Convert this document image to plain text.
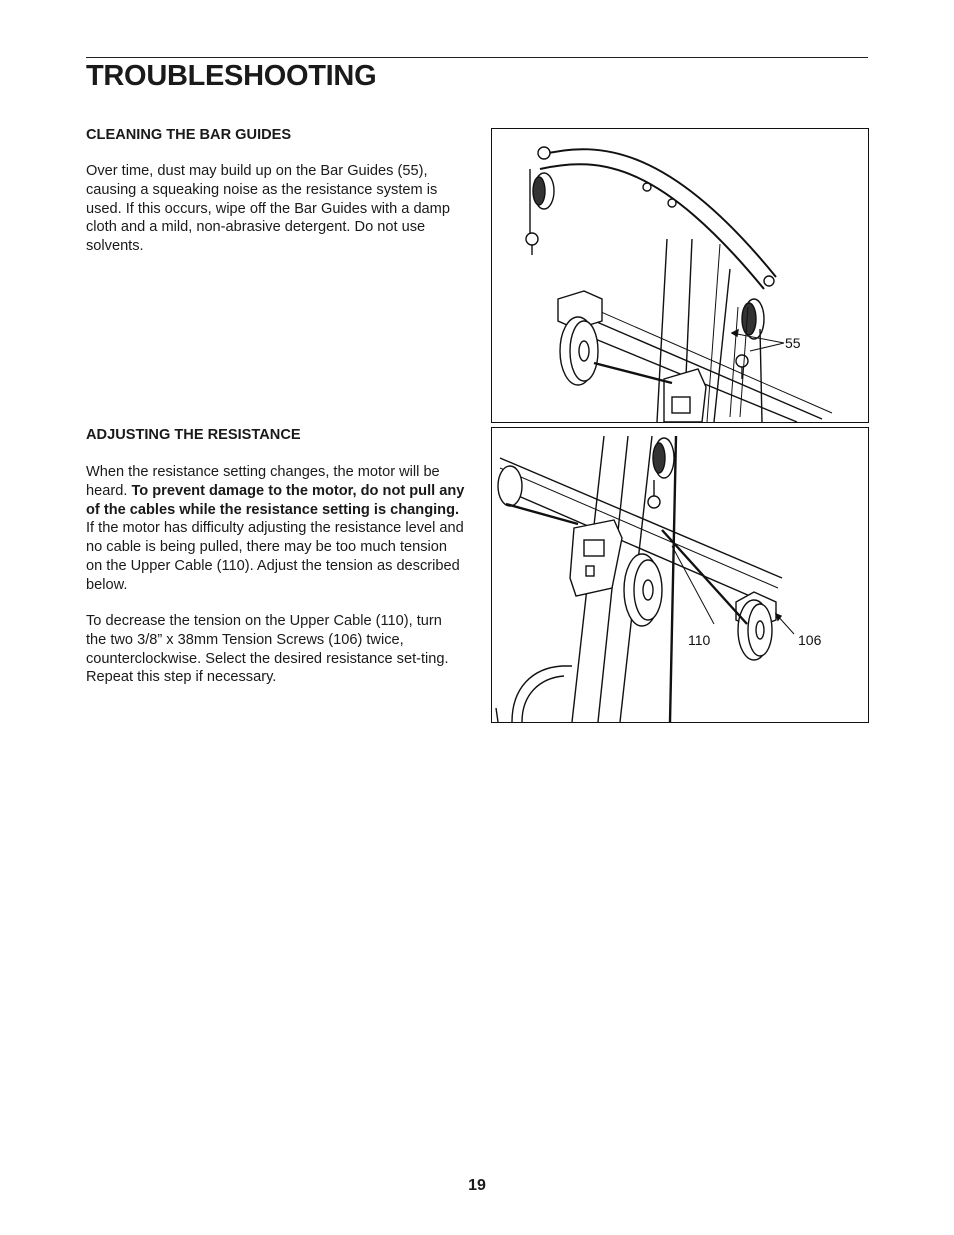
TROUBLESHOOTING
CLEANING THE BAR GUIDES

Over time, dust may build up on the Bar Guides (55), causing a squeaking noise as the resistance system is used. If this occurs, wipe off the Bar Guides with a damp cloth and a mild, non-abrasive detergent. Do not use solvents.

ADJUSTING THE RESISTANCE

When the resistance setting changes, the motor will be heard. To prevent damage to the motor, do not pull any of the cables while the resistance setting is changing. If the motor has difficulty adjusting the resistance level and no cable is being pulled, there may be too much tension on the Upper Cable (110). Adjust the tension as described below.

To decrease the tension on the Upper Cable (110), turn the two 3/8” x 38mm Tension Screws (106) twice, counterclockwise. Select the desired resistance set-ting. Repeat this step if necessary.

55
110	106
19
